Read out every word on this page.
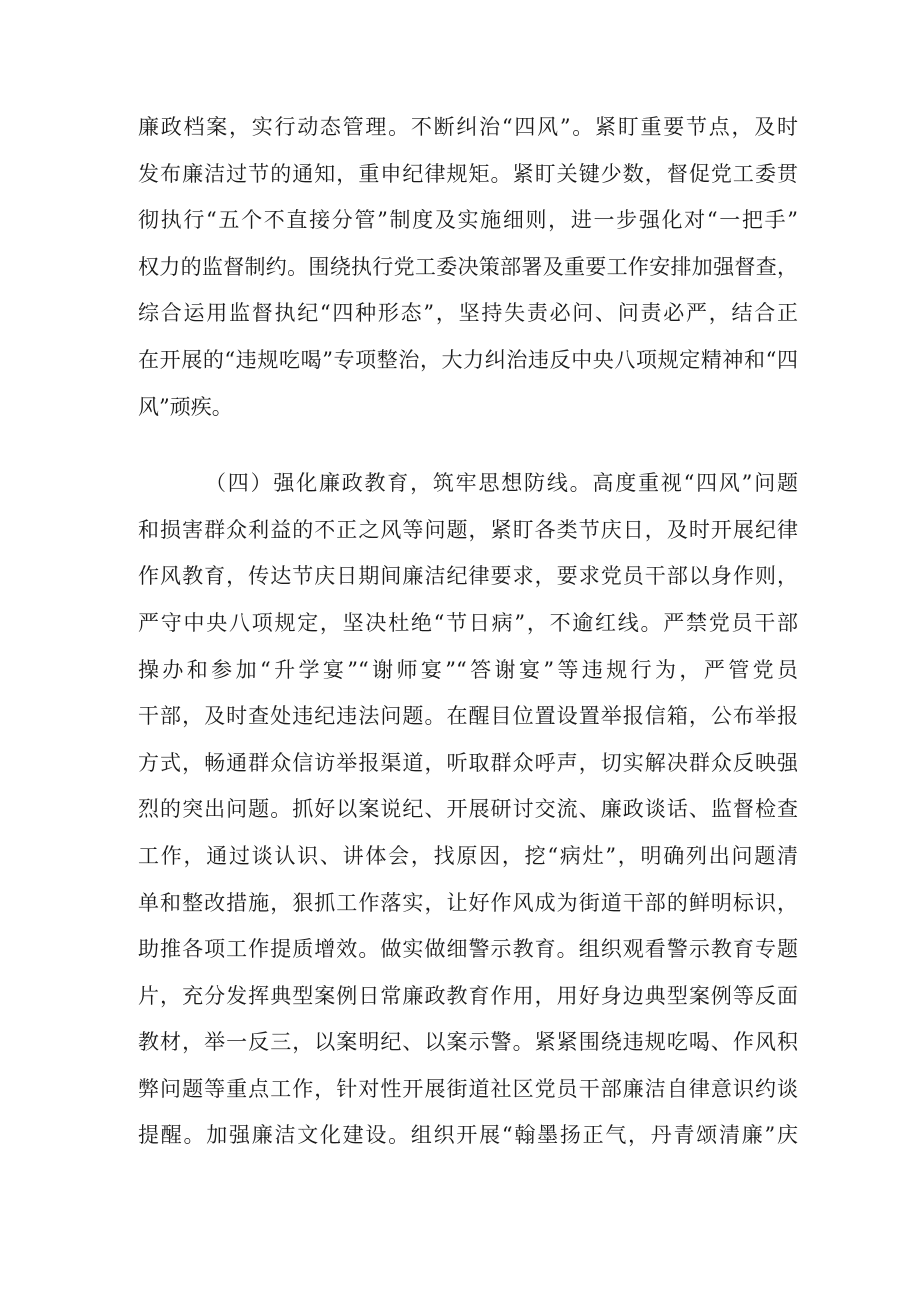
廉政档案，实行动态管理。不断纠治“四风”。紧盯重要节点，及时
发布廉洁过节的通知，重申纪律规矩。紧盯关键少数，督促党工委贯
彻执行“五个不直接分管”制度及实施细则，进一步强化对“一把手”
权力的监督制约。围绕执行党工委决策部署及重要工作安排加强督查，
综合运用监督执纪“四种形态”，坚持失责必问、问责必严，结合正
在开展的“违规吃喝”专项整治，大力纠治违反中央八项规定精神和“四
风”顽疾。
（四）强化廉政教育，筑牢思想防线。高度重视“四风”问题
和损害群众利益的不正之风等问题，紧盯各类节庆日，及时开展纪律
作风教育，传达节庆日期间廉洁纪律要求，要求党员干部以身作则，
严守中央八项规定，坚决杜绝“节日病”，不逾红线。严禁党员干部
操办和参加“升学宴”“谢师宴”“答谢宴”等违规行为，严管党员
干部，及时查处违纪违法问题。在醒目位置设置举报信箱，公布举报
方式，畅通群众信访举报渠道，听取群众呼声，切实解决群众反映强
烈的突出问题。抓好以案说纪、开展研讨交流、廉政谈话、监督检查
工作，通过谈认识、讲体会，找原因，挖“病灶”，明确列出问题清
单和整改措施，狠抓工作落实，让好作风成为街道干部的鲜明标识，
助推各项工作提质增效。做实做细警示教育。组织观看警示教育专题
片，充分发挥典型案例日常廉政教育作用，用好身边典型案例等反面
教材，举一反三，以案明纪、以案示警。紧紧围绕违规吃喝、作风积
弊问题等重点工作，针对性开展街道社区党员干部廉洁自律意识约谈
提醒。加强廉洁文化建设。组织开展“翰墨扬正气，丹青颂清廉”庆
